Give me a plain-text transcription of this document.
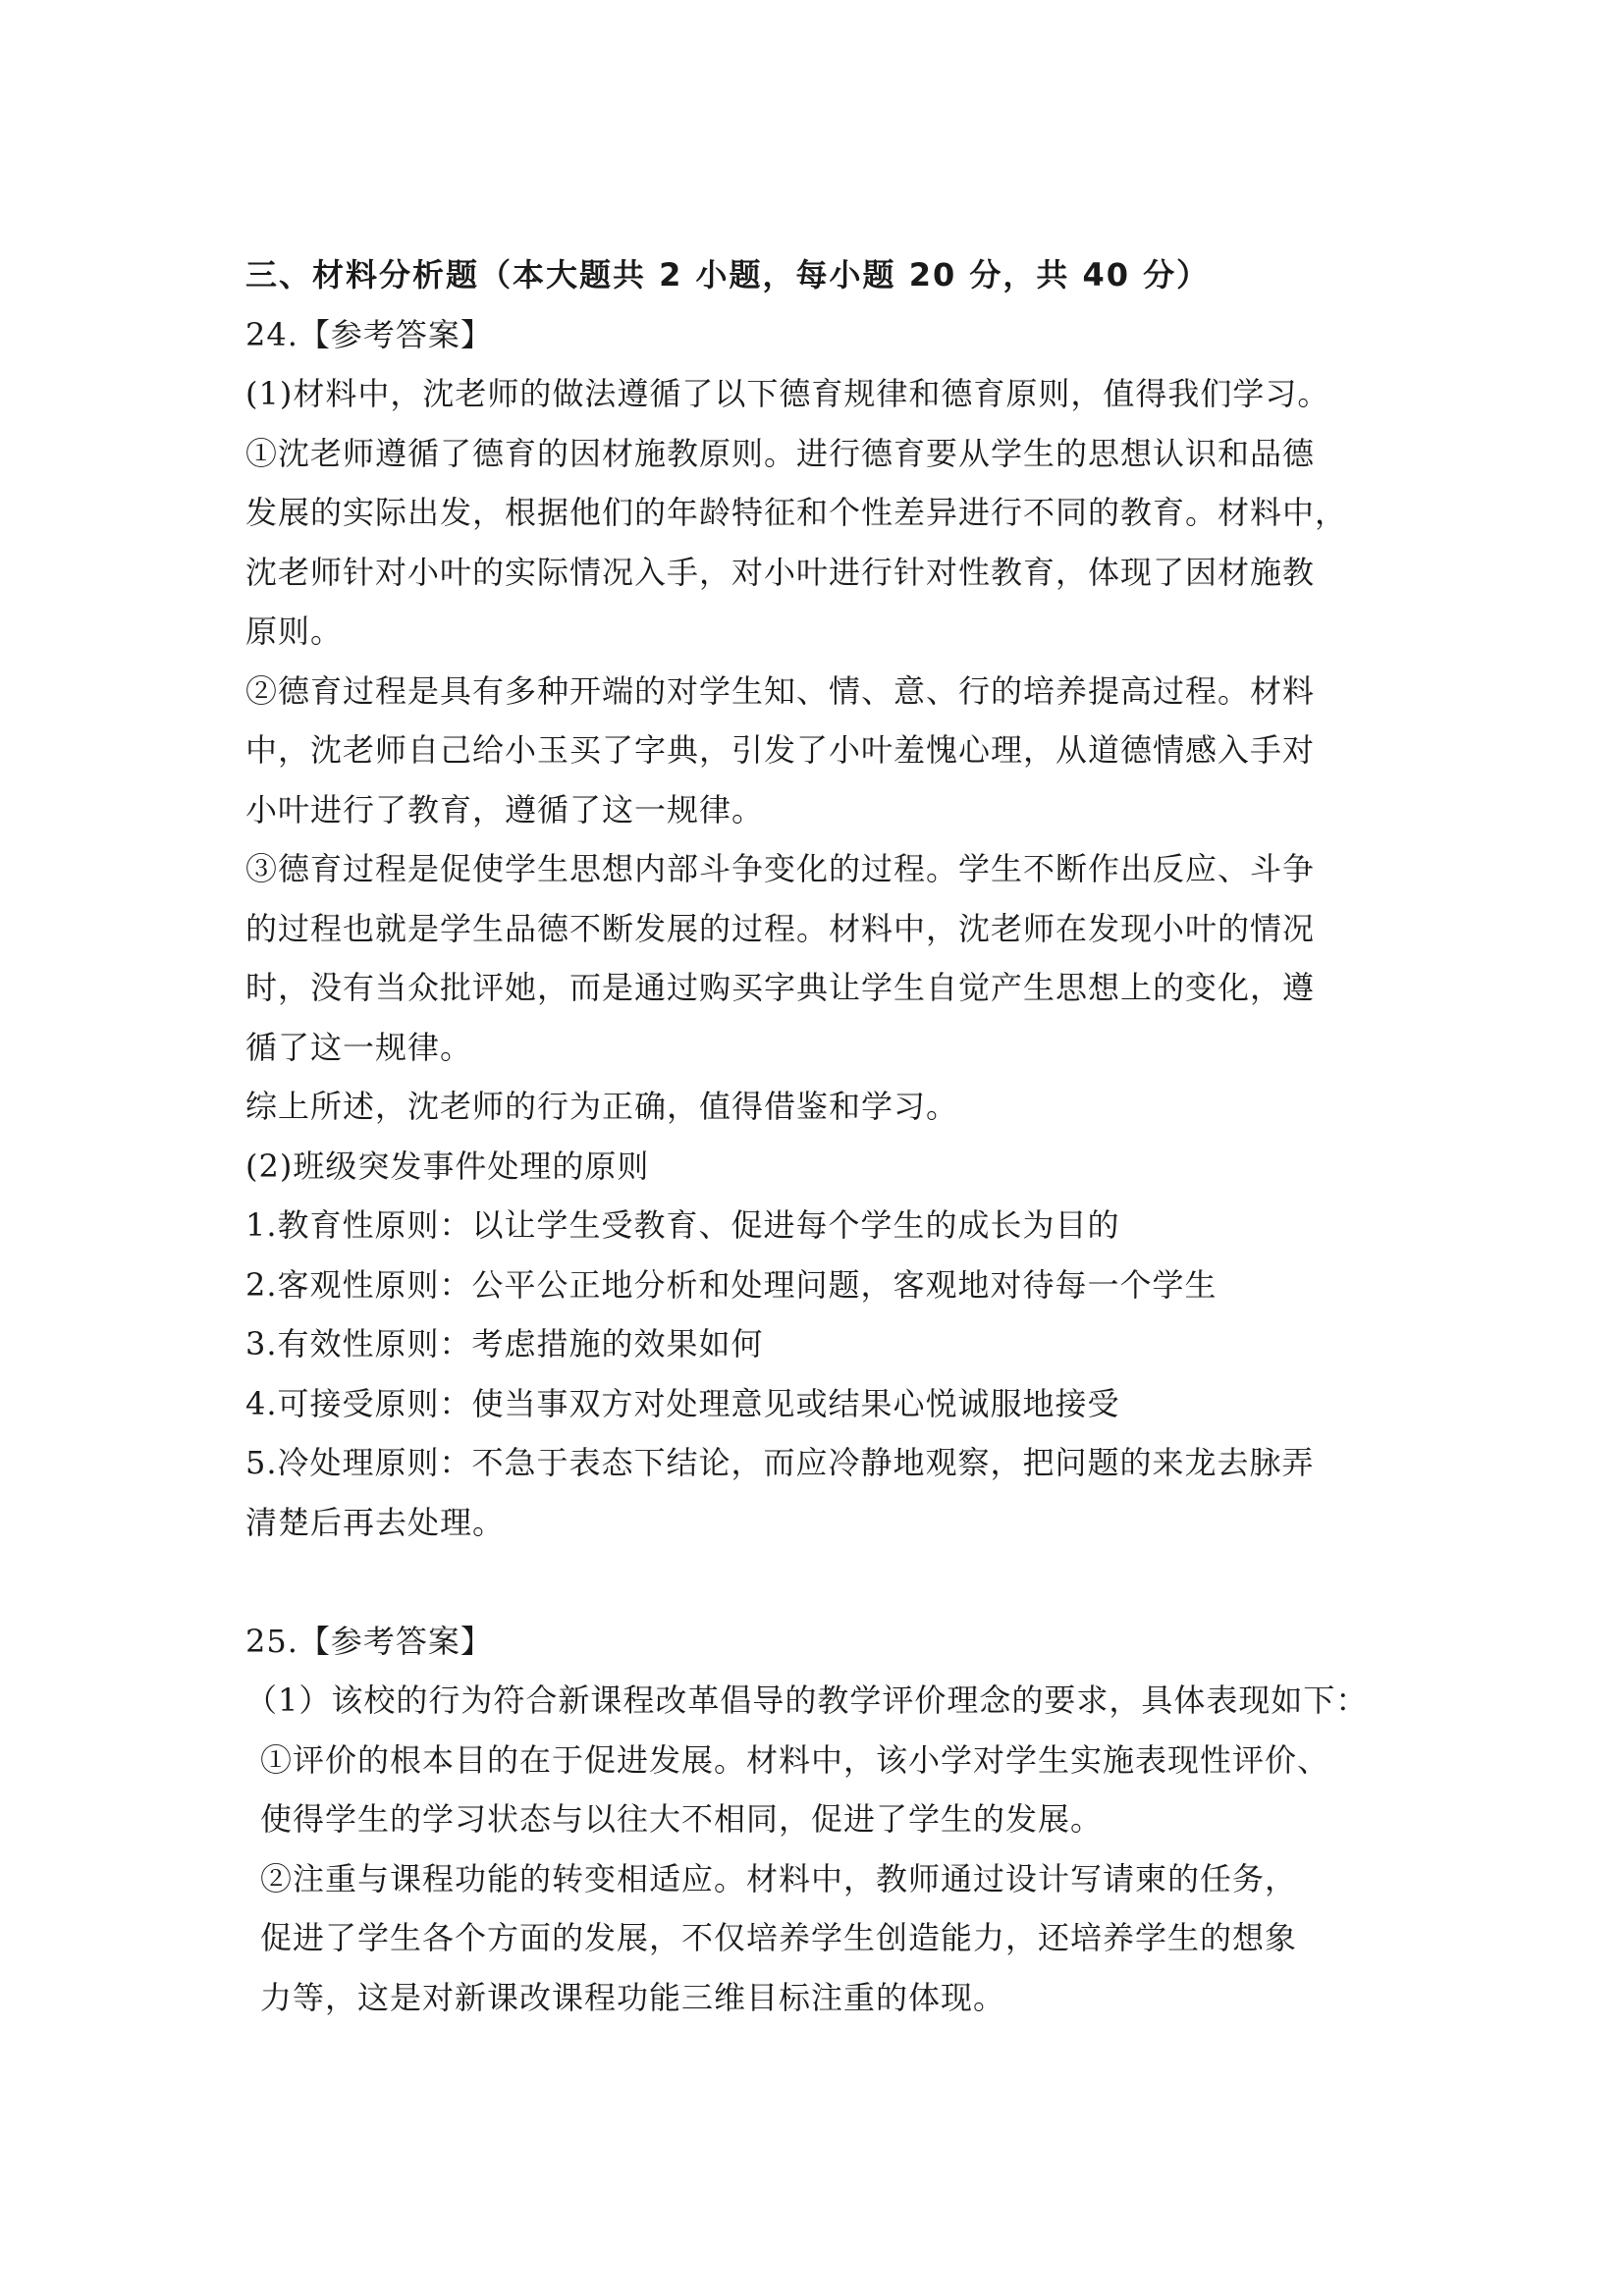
三、材料分析题（本大题共 2 小题，每小题 20 分，共 40 分）
24.【参考答案】
(1)材料中，沈老师的做法遵循了以下德育规律和德育原则，值得我们学习。
①沈老师遵循了德育的因材施教原则。进行德育要从学生的思想认识和品德
发展的实际出发，根据他们的年龄特征和个性差异进行不同的教育。材料中，
沈老师针对小叶的实际情况入手，对小叶进行针对性教育，体现了因材施教
原则。
②德育过程是具有多种开端的对学生知、情、意、行的培养提高过程。材料
中，沈老师自己给小玉买了字典，引发了小叶羞愧心理，从道德情感入手对
小叶进行了教育，遵循了这一规律。
③德育过程是促使学生思想内部斗争变化的过程。学生不断作出反应、斗争
的过程也就是学生品德不断发展的过程。材料中，沈老师在发现小叶的情况
时，没有当众批评她，而是通过购买字典让学生自觉产生思想上的变化，遵
循了这一规律。
综上所述，沈老师的行为正确，值得借鉴和学习。
(2)班级突发事件处理的原则
1.教育性原则：以让学生受教育、促进每个学生的成长为目的
2.客观性原则：公平公正地分析和处理问题，客观地对待每一个学生
3.有效性原则：考虑措施的效果如何
4.可接受原则：使当事双方对处理意见或结果心悦诚服地接受
5.冷处理原则：不急于表态下结论，而应冷静地观察，把问题的来龙去脉弄
清楚后再去处理。
25.【参考答案】
（1）该校的行为符合新课程改革倡导的教学评价理念的要求，具体表现如下：
①评价的根本目的在于促进发展。材料中，该小学对学生实施表现性评价、
使得学生的学习状态与以往大不相同，促进了学生的发展。
②注重与课程功能的转变相适应。材料中，教师通过设计写请柬的任务，
促进了学生各个方面的发展，不仅培养学生创造能力，还培养学生的想象
力等，这是对新课改课程功能三维目标注重的体现。
